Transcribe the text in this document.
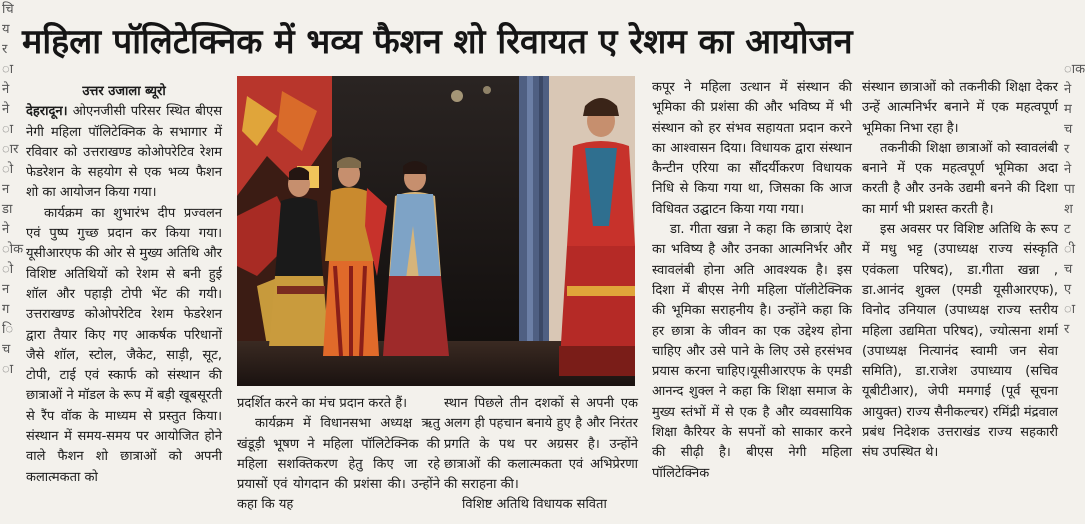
चि य र ा ने ने ा ार ो न डा ने ोक ो न ग ि च ा
ाक ने म च र ने पा श ट ी च ए ा र
महिला पॉलिटेक्निक में भव्य फैशन शो रिवायत ए रेशम का आयोजन

उत्तर उजाला ब्यूरो

देहरादून। ओएनजीसी परिसर स्थित बीएस नेगी महिला पॉलिटेक्निक के सभागार में रविवार को उत्तराखण्ड कोओपरेटिव रेशम फेडरेशन के सहयोग से एक भव्य फैशन शो का आयोजन किया गया।

कार्यक्रम का शुभारंभ दीप प्रज्वलन एवं पुष्प गुच्छ प्रदान कर किया गया। यूसीआरएफ की ओर से मुख्य अतिथि और विशिष्ट अतिथियों को रेशम से बनी हुई शॉल और पहाड़ी टोपी भेंट की गयी। उत्तराखण्ड कोओपरेटिव रेशम फेडरेशन द्वारा तैयार किए गए आकर्षक परिधानों जैसे शॉल, स्टोल, जैकेट, साड़ी, सूट, टोपी, टाई एवं स्कार्फ को संस्थान की छात्राओं ने मॉडल के रूप में बड़ी खूबसूरती से रैंप वॉक के माध्यम से प्रस्तुत किया। संस्थान में समय-समय पर आयोजित होने वाले फैशन शो छात्राओं को अपनी कलात्मकता को

प्रदर्शित करने का मंच प्रदान करते हैं।

कार्यक्रम में विधानसभा अध्यक्ष ऋतु खंडूड़ी भूषण ने महिला पॉलिटेक्निक की महिला सशक्तिकरण हेतु किए जा रहे प्रयासों एवं योगदान की प्रशंसा की। उन्होंने कहा कि यह

स्थान पिछले तीन दशकों से अपनी एक अलग ही पहचान बनाये हुए है और निरंतर प्रगति के पथ पर अग्रसर है। उन्होंने छात्राओं की कलात्मकता एवं अभिप्रेरणा की सराहना की।

विशिष्ट अतिथि विधायक सविता

कपूर ने महिला उत्थान में संस्थान की भूमिका की प्रशंसा की और भविष्य में भी संस्थान को हर संभव सहायता प्रदान करने का आश्वासन दिया। विधायक द्वारा संस्थान कैन्टीन एरिया का सौंदर्यीकरण विधायक निधि से किया गया था, जिसका कि आज विधिवत उद्घाटन किया गया गया।

डा. गीता खन्ना ने कहा कि छात्राएं देश का भविष्य है और उनका आत्मनिर्भर और स्वावलंबी होना अति आवश्यक है। इस दिशा में बीएस नेगी महिला पॉलीटेक्निक की भूमिका सराहनीय है। उन्होंने कहा कि हर छात्रा के जीवन का एक उद्देश्य होना चाहिए और उसे पाने के लिए उसे हरसंभव प्रयास करना चाहिए।यूसीआरएफ के एमडी आनन्द शुक्ल ने कहा कि शिक्षा समाज के मुख्य स्तंभों में से एक है और व्यवसायिक शिक्षा कैरियर के सपनों को साकार करने की सीढ़ी है। बीएस नेगी महिला पॉलिटेक्निक

संस्थान छात्राओं को तकनीकी शिक्षा देकर उन्हें आत्मनिर्भर बनाने में एक महत्वपूर्ण भूमिका निभा रहा है।

तकनीकी शिक्षा छात्राओं को स्वावलंबी बनाने में एक महत्वपूर्ण भूमिका अदा करती है और उनके उद्यमी बनने की दिशा का मार्ग भी प्रशस्त करती है।

इस अवसर पर विशिष्ट अतिथि के रूप में मधु भट्ट (उपाध्यक्ष राज्य संस्कृति एवंकला परिषद), डा.गीता खन्ना , डा.आनंद शुक्ल (एमडी यूसीआरएफ), विनोद उनियाल (उपाध्यक्ष राज्य स्तरीय महिला उद्यमिता परिषद), ज्योत्सना शर्मा (उपाध्यक्ष नित्यानंद स्वामी जन सेवा समिति), डा.राजेश उपाध्याय (सचिव यूबीटीआर), जेपी ममगाई (पूर्व सूचना आयुक्त) राज्य सैनीकल्चर) रमिंद्री मंद्रवाल प्रबंध निदेशक उत्तराखंड राज्य सहकारी संघ उपस्थित थे।
